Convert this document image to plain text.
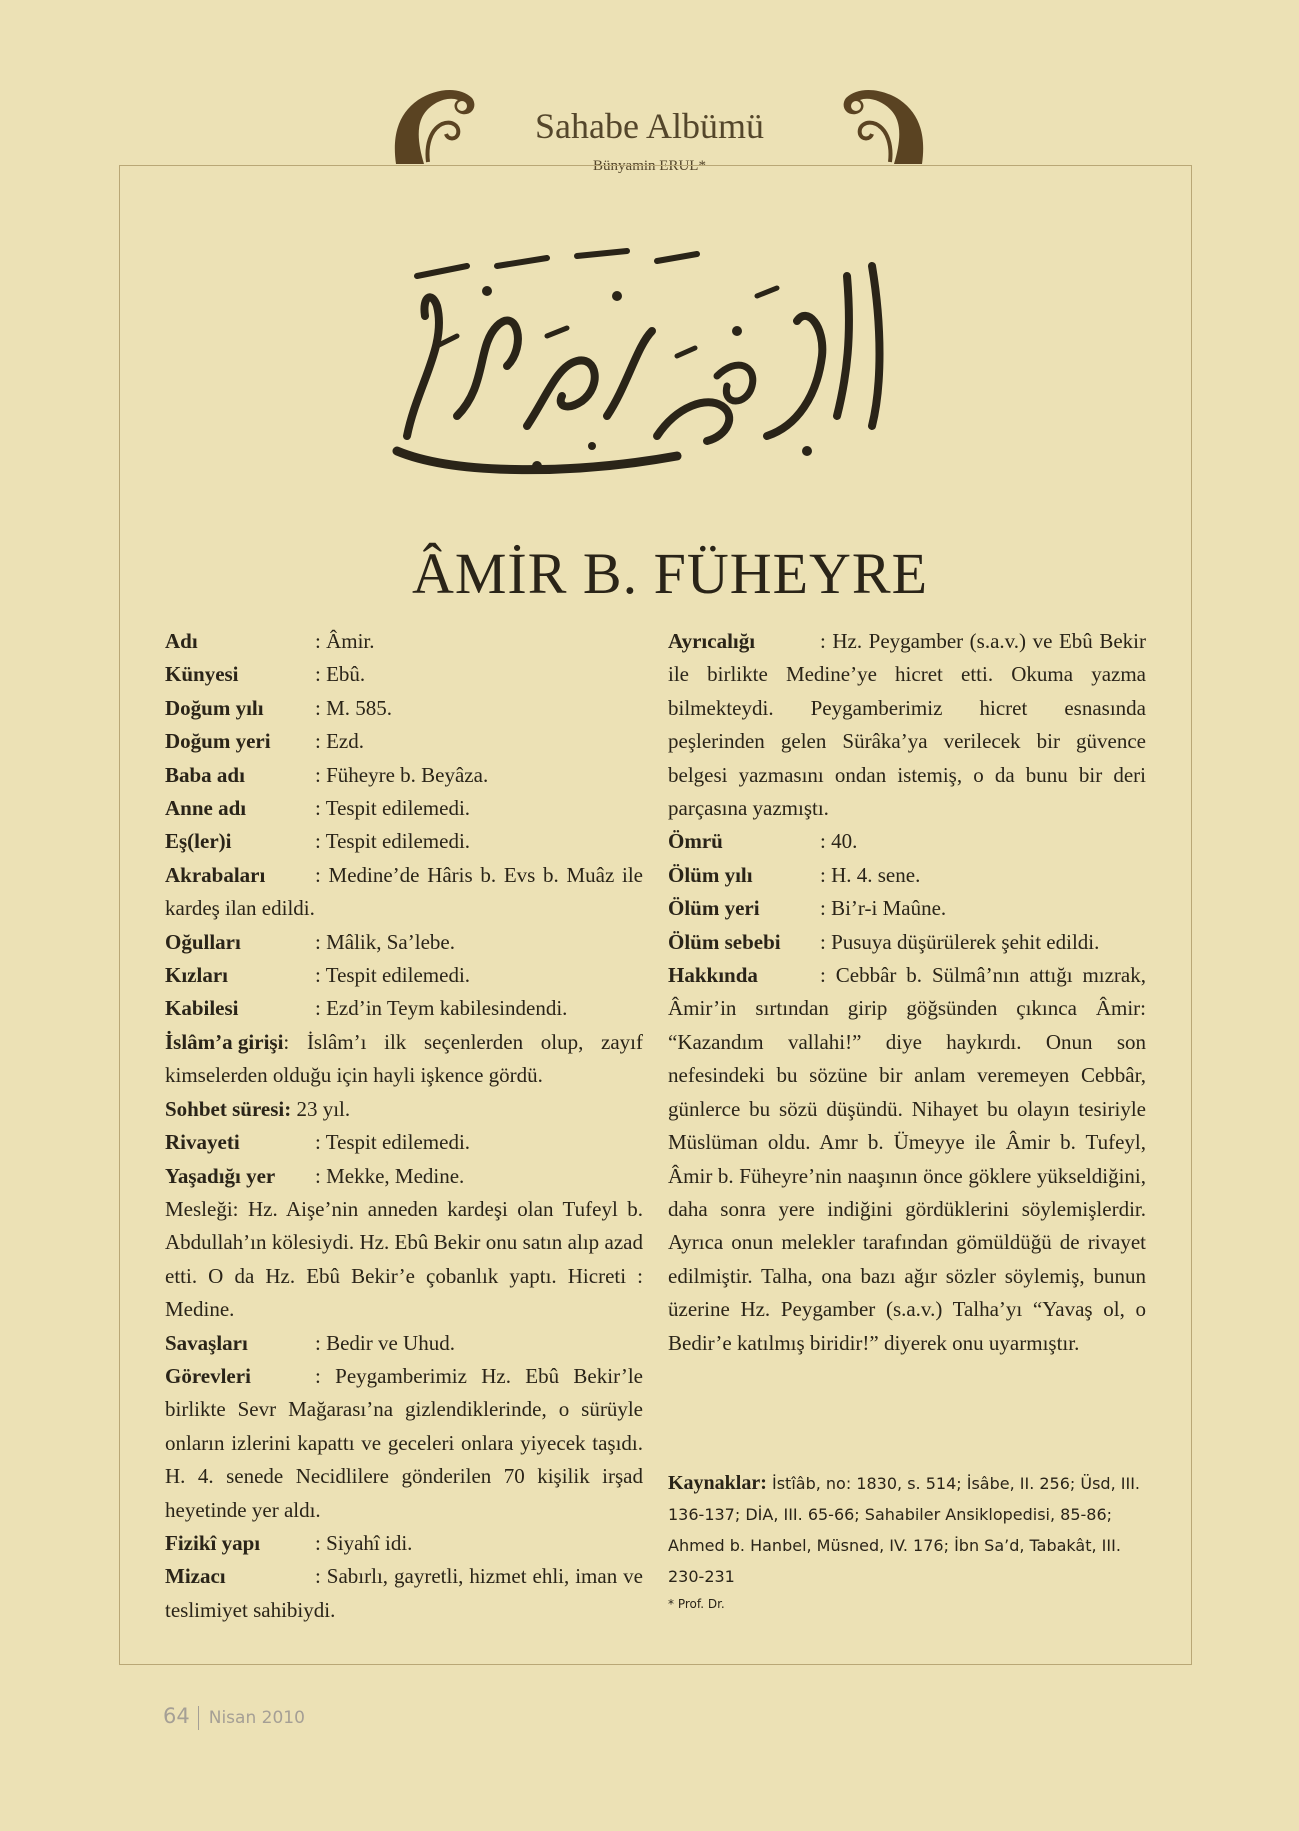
Sahabe Albümü
Bünyamin ERUL*
ÂMİR B. FÜHEYRE
Adı	: Âmir.
Künyesi	: Ebû.
Doğum yılı : M. 585.
Doğum yeri : Ezd.
Baba adı	: Füheyre b. Beyâza.
Anne adı	: Tespit edilemedi.
Eş(ler)i	: Tespit edilemedi.
Akrabaları : Medine’de Hâris b. Evs b. Muâz ile kardeş ilan edildi.
Oğulları	: Mâlik, Sa’lebe.
Kızları	: Tespit edilemedi.
Kabilesi	: Ezd’in Teym kabilesindendi.
İslâm’a girişi: İslâm’ı ilk seçenlerden olup, zayıf kimselerden olduğu için hayli işkence gördü.
Sohbet süresi: 23 yıl.
Rivayeti	: Tespit edilemedi.
Yaşadığı yer : Mekke, Medine.
Mesleği: Hz. Aişe’nin anneden kardeşi olan Tufeyl b. Abdullah’ın kölesiydi. Hz. Ebû Bekir onu satın alıp azad etti. O da Hz. Ebû Bekir’e çobanlık yaptı. Hicreti : Medine.
Savaşları	: Bedir ve Uhud.
Görevleri	: Peygamberimiz Hz. Ebû Bekir’le birlikte Sevr Mağarası’na gizlendiklerinde, o sürüyle onların izlerini kapattı ve geceleri onlara yiyecek taşıdı. H. 4. senede Necidlilere gönderilen 70 kişilik irşad heyetinde yer aldı.
Fizikî yapı	: Siyahî idi.
Mizacı	: Sabırlı, gayretli, hizmet ehli, iman ve teslimiyet sahibiydi.
Ayrıcalığı	: Hz. Peygamber (s.a.v.) ve Ebû Bekir ile birlikte Medine’ye hicret etti. Okuma yazma bilmekteydi. Peygamberimiz hicret esnasında peşlerinden gelen Sürâka’ya verilecek bir güvence belgesi yazmasını ondan istemiş, o da bunu bir deri parçasına yazmıştı.
Ömrü	: 40.
Ölüm yılı	: H. 4. sene.
Ölüm yeri	: Bi’r-i Maûne.
Ölüm sebebi : Pusuya düşürülerek şehit edildi.
Hakkında	: Cebbâr b. Sülmâ’nın attığı mızrak, Âmir’in sırtından girip göğsünden çıkınca Âmir: “Kazandım vallahi!” diye haykırdı. Onun son nefesindeki bu sözüne bir anlam veremeyen Cebbâr, günlerce bu sözü düşündü. Nihayet bu olayın tesiriyle Müslüman oldu. Amr b. Ümeyye ile Âmir b. Tufeyl, Âmir b. Füheyre’nin naaşının önce göklere yükseldiğini, daha sonra yere indiğini gördüklerini söylemişlerdir. Ayrıca onun melekler tarafından gömüldüğü de rivayet edilmiştir. Talha, ona bazı ağır sözler söylemiş, bunun üzerine Hz. Peygamber (s.a.v.) Talha’yı “Yavaş ol, o Bedir’e katılmış biridir!” diyerek onu uyarmıştır.
Kaynaklar: İstîâb, no: 1830, s. 514; İsâbe, II. 256; Üsd, III. 136-137; DİA, III. 65-66; Sahabiler Ansiklopedisi, 85-86; Ahmed b. Hanbel, Müsned, IV. 176; İbn Sa’d, Tabakât, III. 230-231
* Prof. Dr.
64 Nisan 2010
